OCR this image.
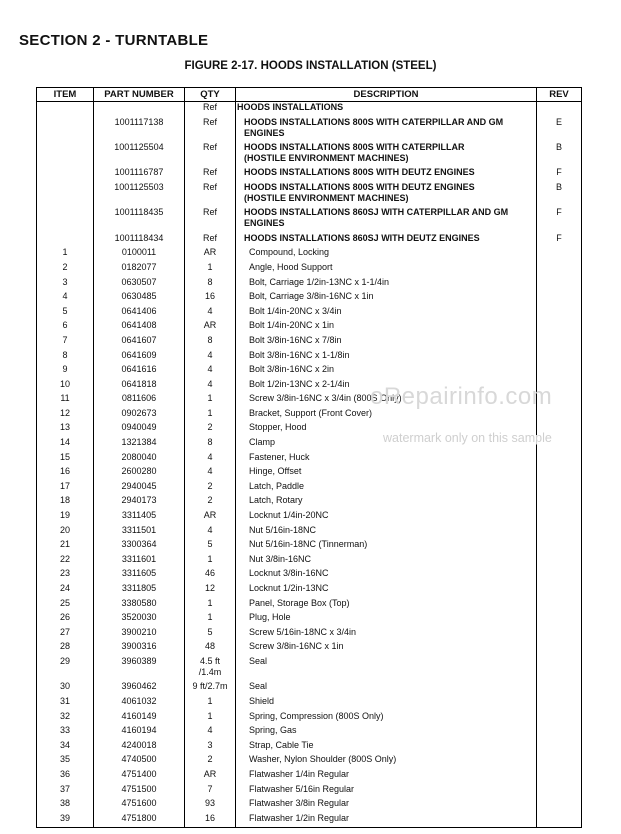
SECTION 2 - TURNTABLE
FIGURE 2-17. HOODS INSTALLATION (STEEL)
ITEM	PART NUMBER	QTY	DESCRIPTION	REV
		Ref	HOODS INSTALLATIONS	
	1001117138	Ref	HOODS INSTALLATIONS 800S WITH CATERPILLAR AND GM
ENGINES	E
	1001125504	Ref	HOODS INSTALLATIONS 800S WITH CATERPILLAR
(HOSTILE ENVIRONMENT MACHINES)	B
	1001116787	Ref	HOODS INSTALLATIONS 800S WITH DEUTZ ENGINES	F
	1001125503	Ref	HOODS INSTALLATIONS 800S WITH DEUTZ ENGINES
(HOSTILE ENVIRONMENT MACHINES)	B
	1001118435	Ref	HOODS INSTALLATIONS 860SJ WITH CATERPILLAR AND GM
ENGINES	F
	1001118434	Ref	HOODS INSTALLATIONS 860SJ WITH DEUTZ ENGINES	F
1	0100011	AR	Compound, Locking	
2	0182077	1	Angle, Hood Support	
3	0630507	8	Bolt, Carriage 1/2in-13NC x 1-1/4in	
4	0630485	16	Bolt, Carriage 3/8in-16NC x 1in	
5	0641406	4	Bolt 1/4in-20NC x 3/4in	
6	0641408	AR	Bolt 1/4in-20NC x 1in	
7	0641607	8	Bolt 3/8in-16NC x 7/8in	
8	0641609	4	Bolt 3/8in-16NC x 1-1/8in	
9	0641616	4	Bolt 3/8in-16NC x 2in	
10	0641818	4	Bolt 1/2in-13NC x 2-1/4in	
11	0811606	1	Screw 3/8in-16NC x 3/4in (800S Only)	
12	0902673	1	Bracket, Support (Front Cover)	
13	0940049	2	Stopper, Hood	
14	1321384	8	Clamp	
15	2080040	4	Fastener, Huck	
16	2600280	4	Hinge, Offset	
17	2940045	2	Latch, Paddle	
18	2940173	2	Latch, Rotary	
19	3311405	AR	Locknut 1/4in-20NC	
20	3311501	4	Nut 5/16in-18NC	
21	3300364	5	Nut 5/16in-18NC (Tinnerman)	
22	3311601	1	Nut 3/8in-16NC	
23	3311605	46	Locknut 3/8in-16NC	
24	3311805	12	Locknut 1/2in-13NC	
25	3380580	1	Panel, Storage Box (Top)	
26	3520030	1	Plug, Hole	
27	3900210	5	Screw 5/16in-18NC x 3/4in	
28	3900316	48	Screw 3/8in-16NC x 1in	
29	3960389	4.5 ft
/1.4m	Seal	
30	3960462	9 ft/2.7m	Seal	
31	4061032	1	Shield	
32	4160149	1	Spring, Compression (800S Only)	
33	4160194	4	Spring, Gas	
34	4240018	3	Strap, Cable Tie	
35	4740500	2	Washer, Nylon Shoulder (800S Only)	
36	4751400	AR	Flatwasher 1/4in Regular	
37	4751500	7	Flatwasher 5/16in Regular	
38	4751600	93	Flatwasher 3/8in Regular	
39	4751800	16	Flatwasher 1/2in Regular	
oRepairinfo.com
watermark only on this sample
